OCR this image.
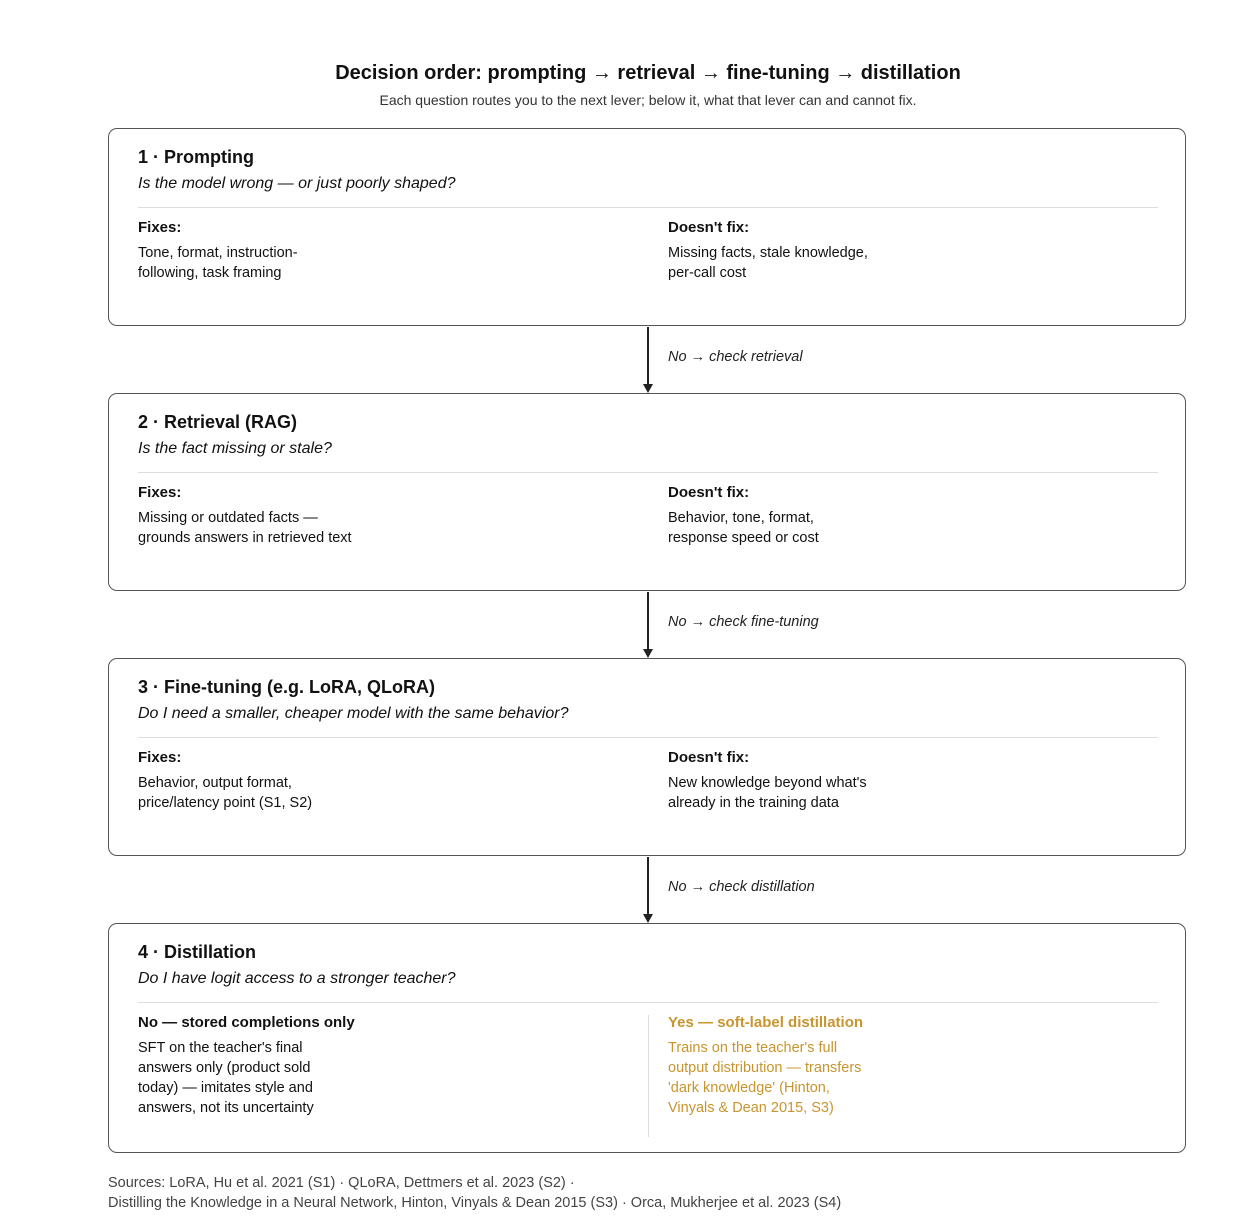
Decision order: prompting → retrieval → fine-tuning → distillation
Each question routes you to the next lever; below it, what that lever can and cannot fix.
1 · Prompting
Is the model wrong — or just poorly shaped?
Fixes:
Tone, format, instruction-
following, task framing
Doesn't fix:
Missing facts, stale knowledge,
per-call cost
No → check retrieval
2 · Retrieval (RAG)
Is the fact missing or stale?
Fixes:
Missing or outdated facts —
grounds answers in retrieved text
Doesn't fix:
Behavior, tone, format,
response speed or cost
No → check fine-tuning
3 · Fine-tuning (e.g. LoRA, QLoRA)
Do I need a smaller, cheaper model with the same behavior?
Fixes:
Behavior, output format,
price/latency point (S1, S2)
Doesn't fix:
New knowledge beyond what's
already in the training data
No → check distillation
4 · Distillation
Do I have logit access to a stronger teacher?
No — stored completions only
SFT on the teacher's final
answers only (product sold
today) — imitates style and
answers, not its uncertainty
Yes — soft-label distillation
Trains on the teacher's full
output distribution — transfers
'dark knowledge' (Hinton,
Vinyals & Dean 2015, S3)
Sources: LoRA, Hu et al. 2021 (S1) · QLoRA, Dettmers et al. 2023 (S2) ·
Distilling the Knowledge in a Neural Network, Hinton, Vinyals & Dean 2015 (S3) · Orca, Mukherjee et al. 2023 (S4)
